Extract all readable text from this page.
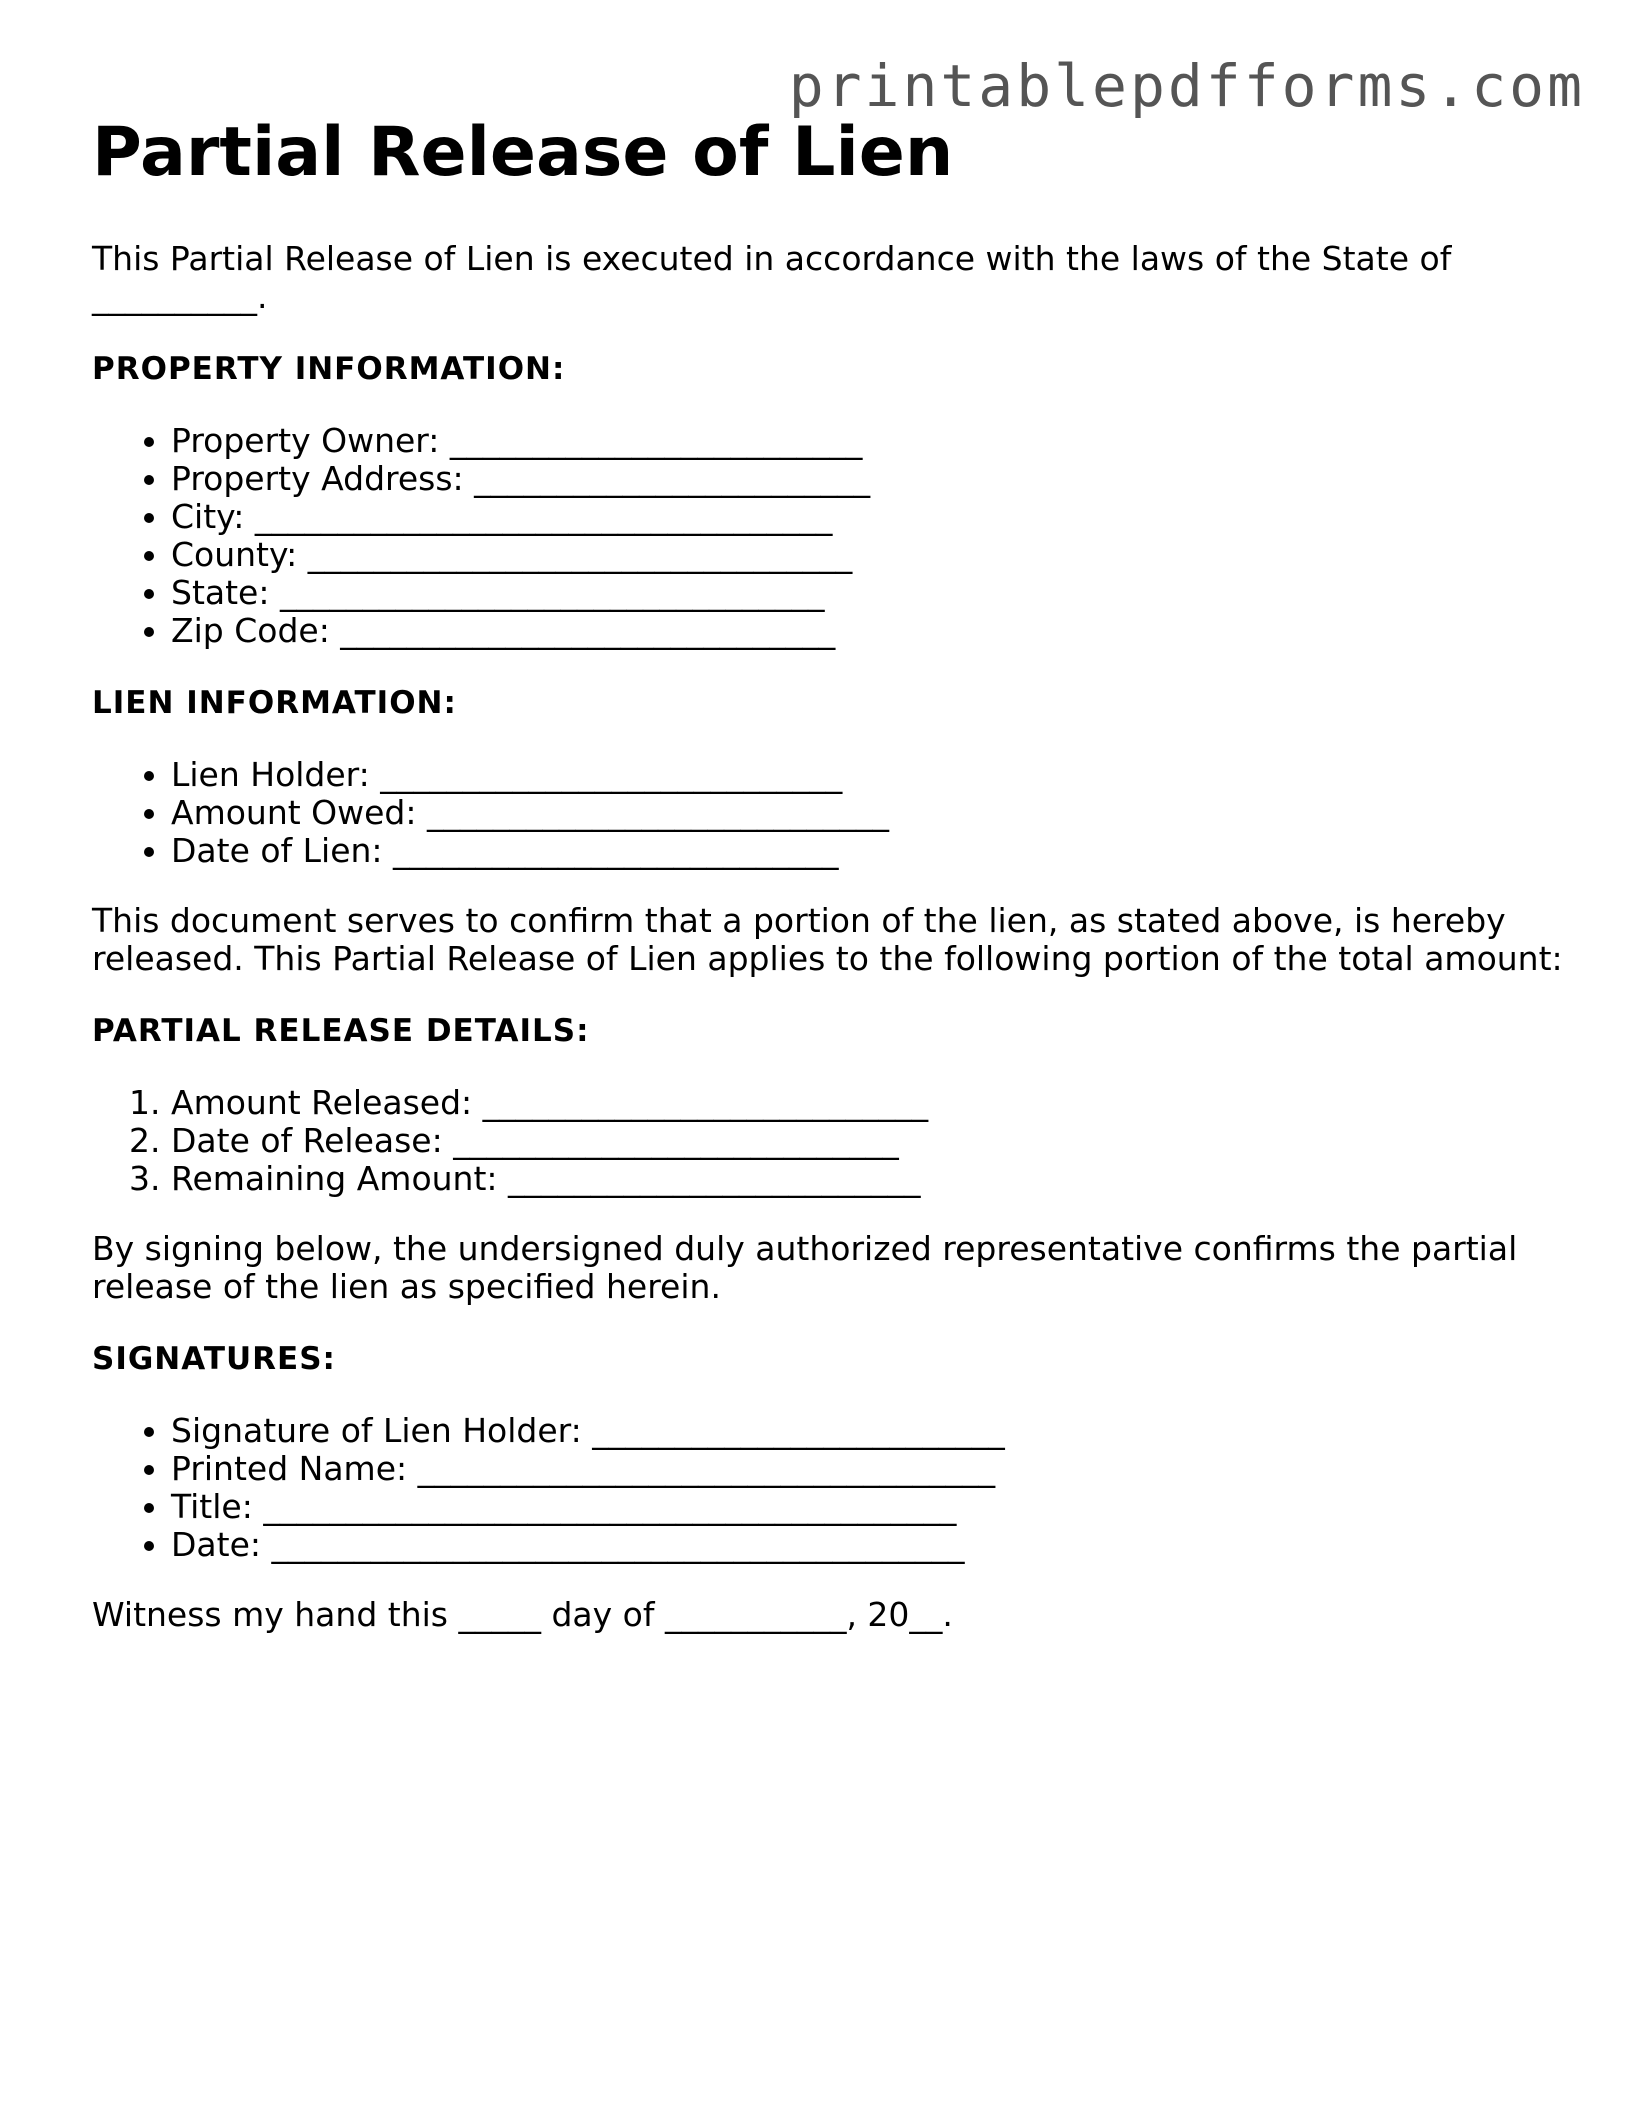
printablepdfforms.com
Partial Release of Lien

This Partial Release of Lien is executed in accordance with the laws of the State of __________.

PROPERTY INFORMATION:
• Property Owner: _________________________
• Property Address: ________________________
• City: ___________________________________
• County: _________________________________
• State: _________________________________
• Zip Code: ______________________________
LIEN INFORMATION:
• Lien Holder: ____________________________
• Amount Owed: ____________________________
• Date of Lien: ___________________________

This document serves to confirm that a portion of the lien, as stated above, is hereby released. This Partial Release of Lien applies to the following portion of the total amount:

PARTIAL RELEASE DETAILS:
1. Amount Released: ___________________________
2. Date of Release: ___________________________
3. Remaining Amount: _________________________

By signing below, the undersigned duly authorized representative confirms the partial release of the lien as specified herein.

SIGNATURES:
• Signature of Lien Holder: _________________________
• Printed Name: ___________________________________
• Title: __________________________________________
• Date: __________________________________________

Witness my hand this _____ day of ___________, 20__.
